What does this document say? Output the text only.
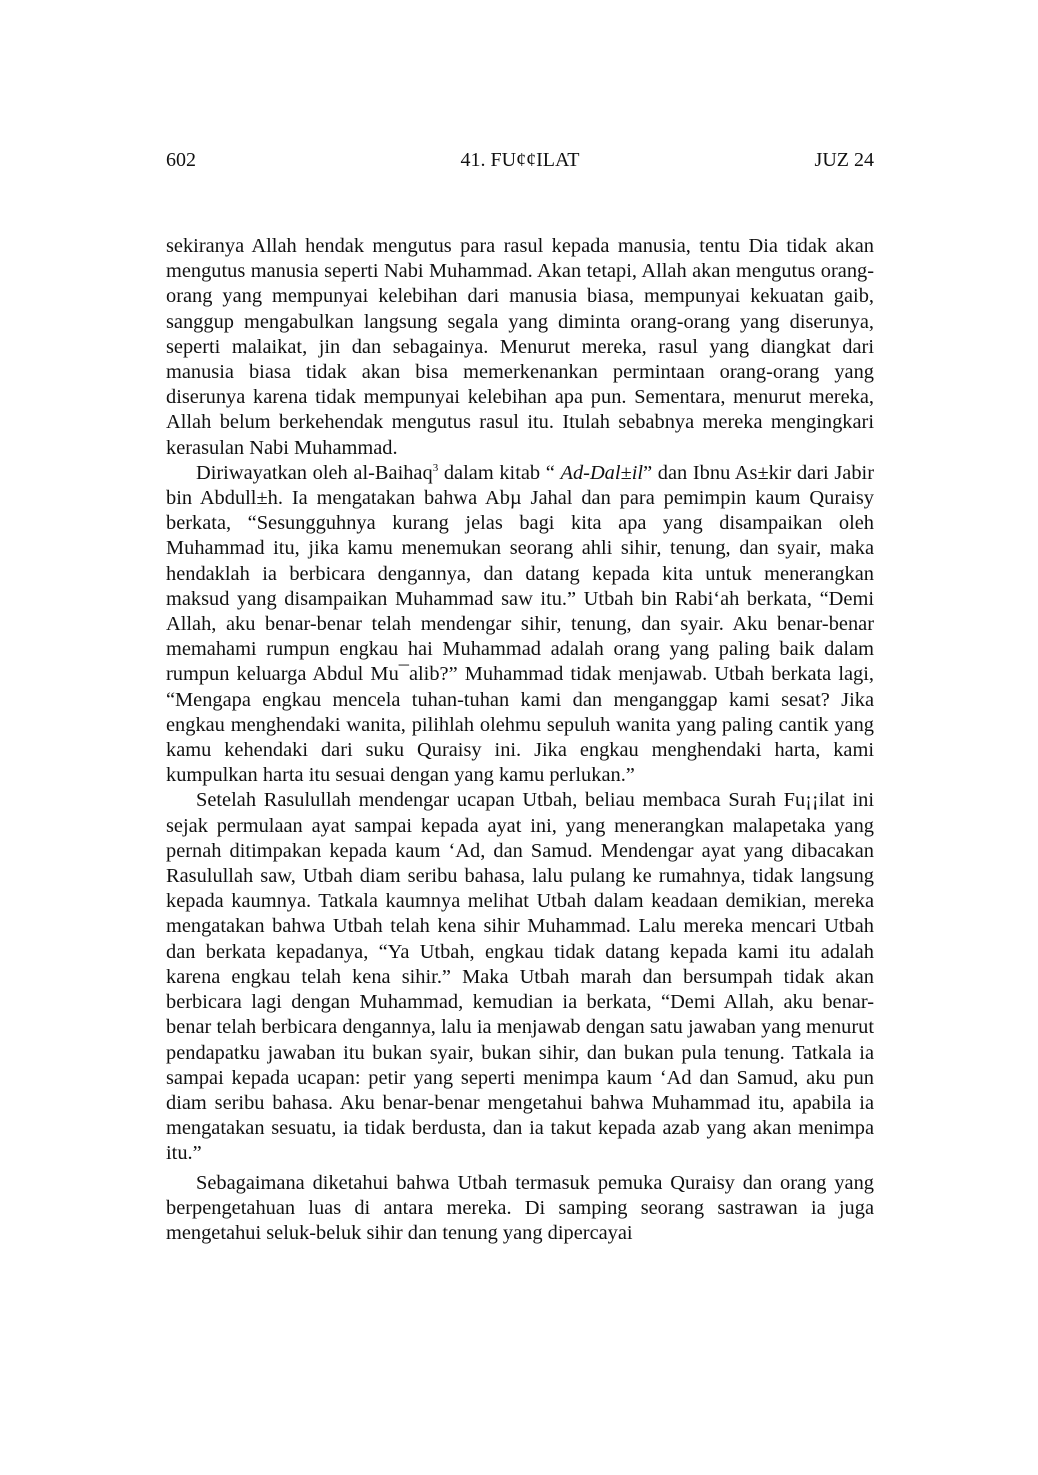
602	41. FU¢¢ILAT	JUZ 24

sekiranya Allah hendak mengutus para rasul kepada manusia, tentu Dia tidak akan mengutus manusia seperti Nabi Muhammad. Akan tetapi, Allah akan mengutus orang-orang yang mempunyai kelebihan dari manusia biasa, mempunyai kekuatan gaib, sanggup mengabulkan langsung segala yang diminta orang-orang yang diserunya, seperti malaikat, jin dan sebagainya. Menurut mereka, rasul yang diangkat dari manusia biasa tidak akan bisa memerkenankan permintaan orang-orang yang diserunya karena tidak mempunyai kelebihan apa pun. Sementara, menurut mereka, Allah belum berkehendak mengutus rasul itu. Itulah sebabnya mereka mengingkari kerasulan Nabi Muhammad.

Diriwayatkan oleh al-Baihaq$^3$ dalam kitab “ Ad-Dal±il” dan Ibnu As±kir dari Jabir bin Abdull±h. Ia mengatakan bahwa Abµ Jahal dan para pemimpin kaum Quraisy berkata, “Sesungguhnya kurang jelas bagi kita apa yang disampaikan oleh Muhammad itu, jika kamu menemukan seorang ahli sihir, tenung, dan syair, maka hendaklah ia berbicara dengannya, dan datang kepada kita untuk menerangkan maksud yang disampaikan Muhammad saw itu.” Utbah bin Rabi‘ah berkata, “Demi Allah, aku benar-benar telah mendengar sihir, tenung, dan syair. Aku benar-benar memahami rumpun engkau hai Muhammad adalah orang yang paling baik dalam rumpun keluarga Abdul Mu¯alib?” Muhammad tidak menjawab. Utbah berkata lagi, “Mengapa engkau mencela tuhan-tuhan kami dan menganggap kami sesat? Jika engkau menghendaki wanita, pilihlah olehmu sepuluh wanita yang paling cantik yang kamu kehendaki dari suku Quraisy ini. Jika engkau menghendaki harta, kami kumpulkan harta itu sesuai dengan yang kamu perlukan.”

Setelah Rasulullah mendengar ucapan Utbah, beliau membaca Surah Fu¡¡ilat ini sejak permulaan ayat sampai kepada ayat ini, yang menerangkan malapetaka yang pernah ditimpakan kepada kaum ‘Ad, dan Samud. Mendengar ayat yang dibacakan Rasulullah saw, Utbah diam seribu bahasa, lalu pulang ke rumahnya, tidak langsung kepada kaumnya. Tatkala kaumnya melihat Utbah dalam keadaan demikian, mereka mengatakan bahwa Utbah telah kena sihir Muhammad. Lalu mereka mencari Utbah dan berkata kepadanya, “Ya Utbah, engkau tidak datang kepada kami itu adalah karena engkau telah kena sihir.” Maka Utbah marah dan bersumpah tidak akan berbicara lagi dengan Muhammad, kemudian ia berkata, “Demi Allah, aku benar-benar telah berbicara dengannya, lalu ia menjawab dengan satu jawaban yang menurut pendapatku jawaban itu bukan syair, bukan sihir, dan bukan pula tenung. Tatkala ia sampai kepada ucapan: petir yang seperti menimpa kaum ‘Ad dan Samud, aku pun diam seribu bahasa. Aku benar-benar mengetahui bahwa Muhammad itu, apabila ia mengatakan sesuatu, ia tidak berdusta, dan ia takut kepada azab yang akan menimpa itu.”

Sebagaimana diketahui bahwa Utbah termasuk pemuka Quraisy dan orang yang berpengetahuan luas di antara mereka. Di samping seorang sastrawan ia juga mengetahui seluk-beluk sihir dan tenung yang dipercayai
